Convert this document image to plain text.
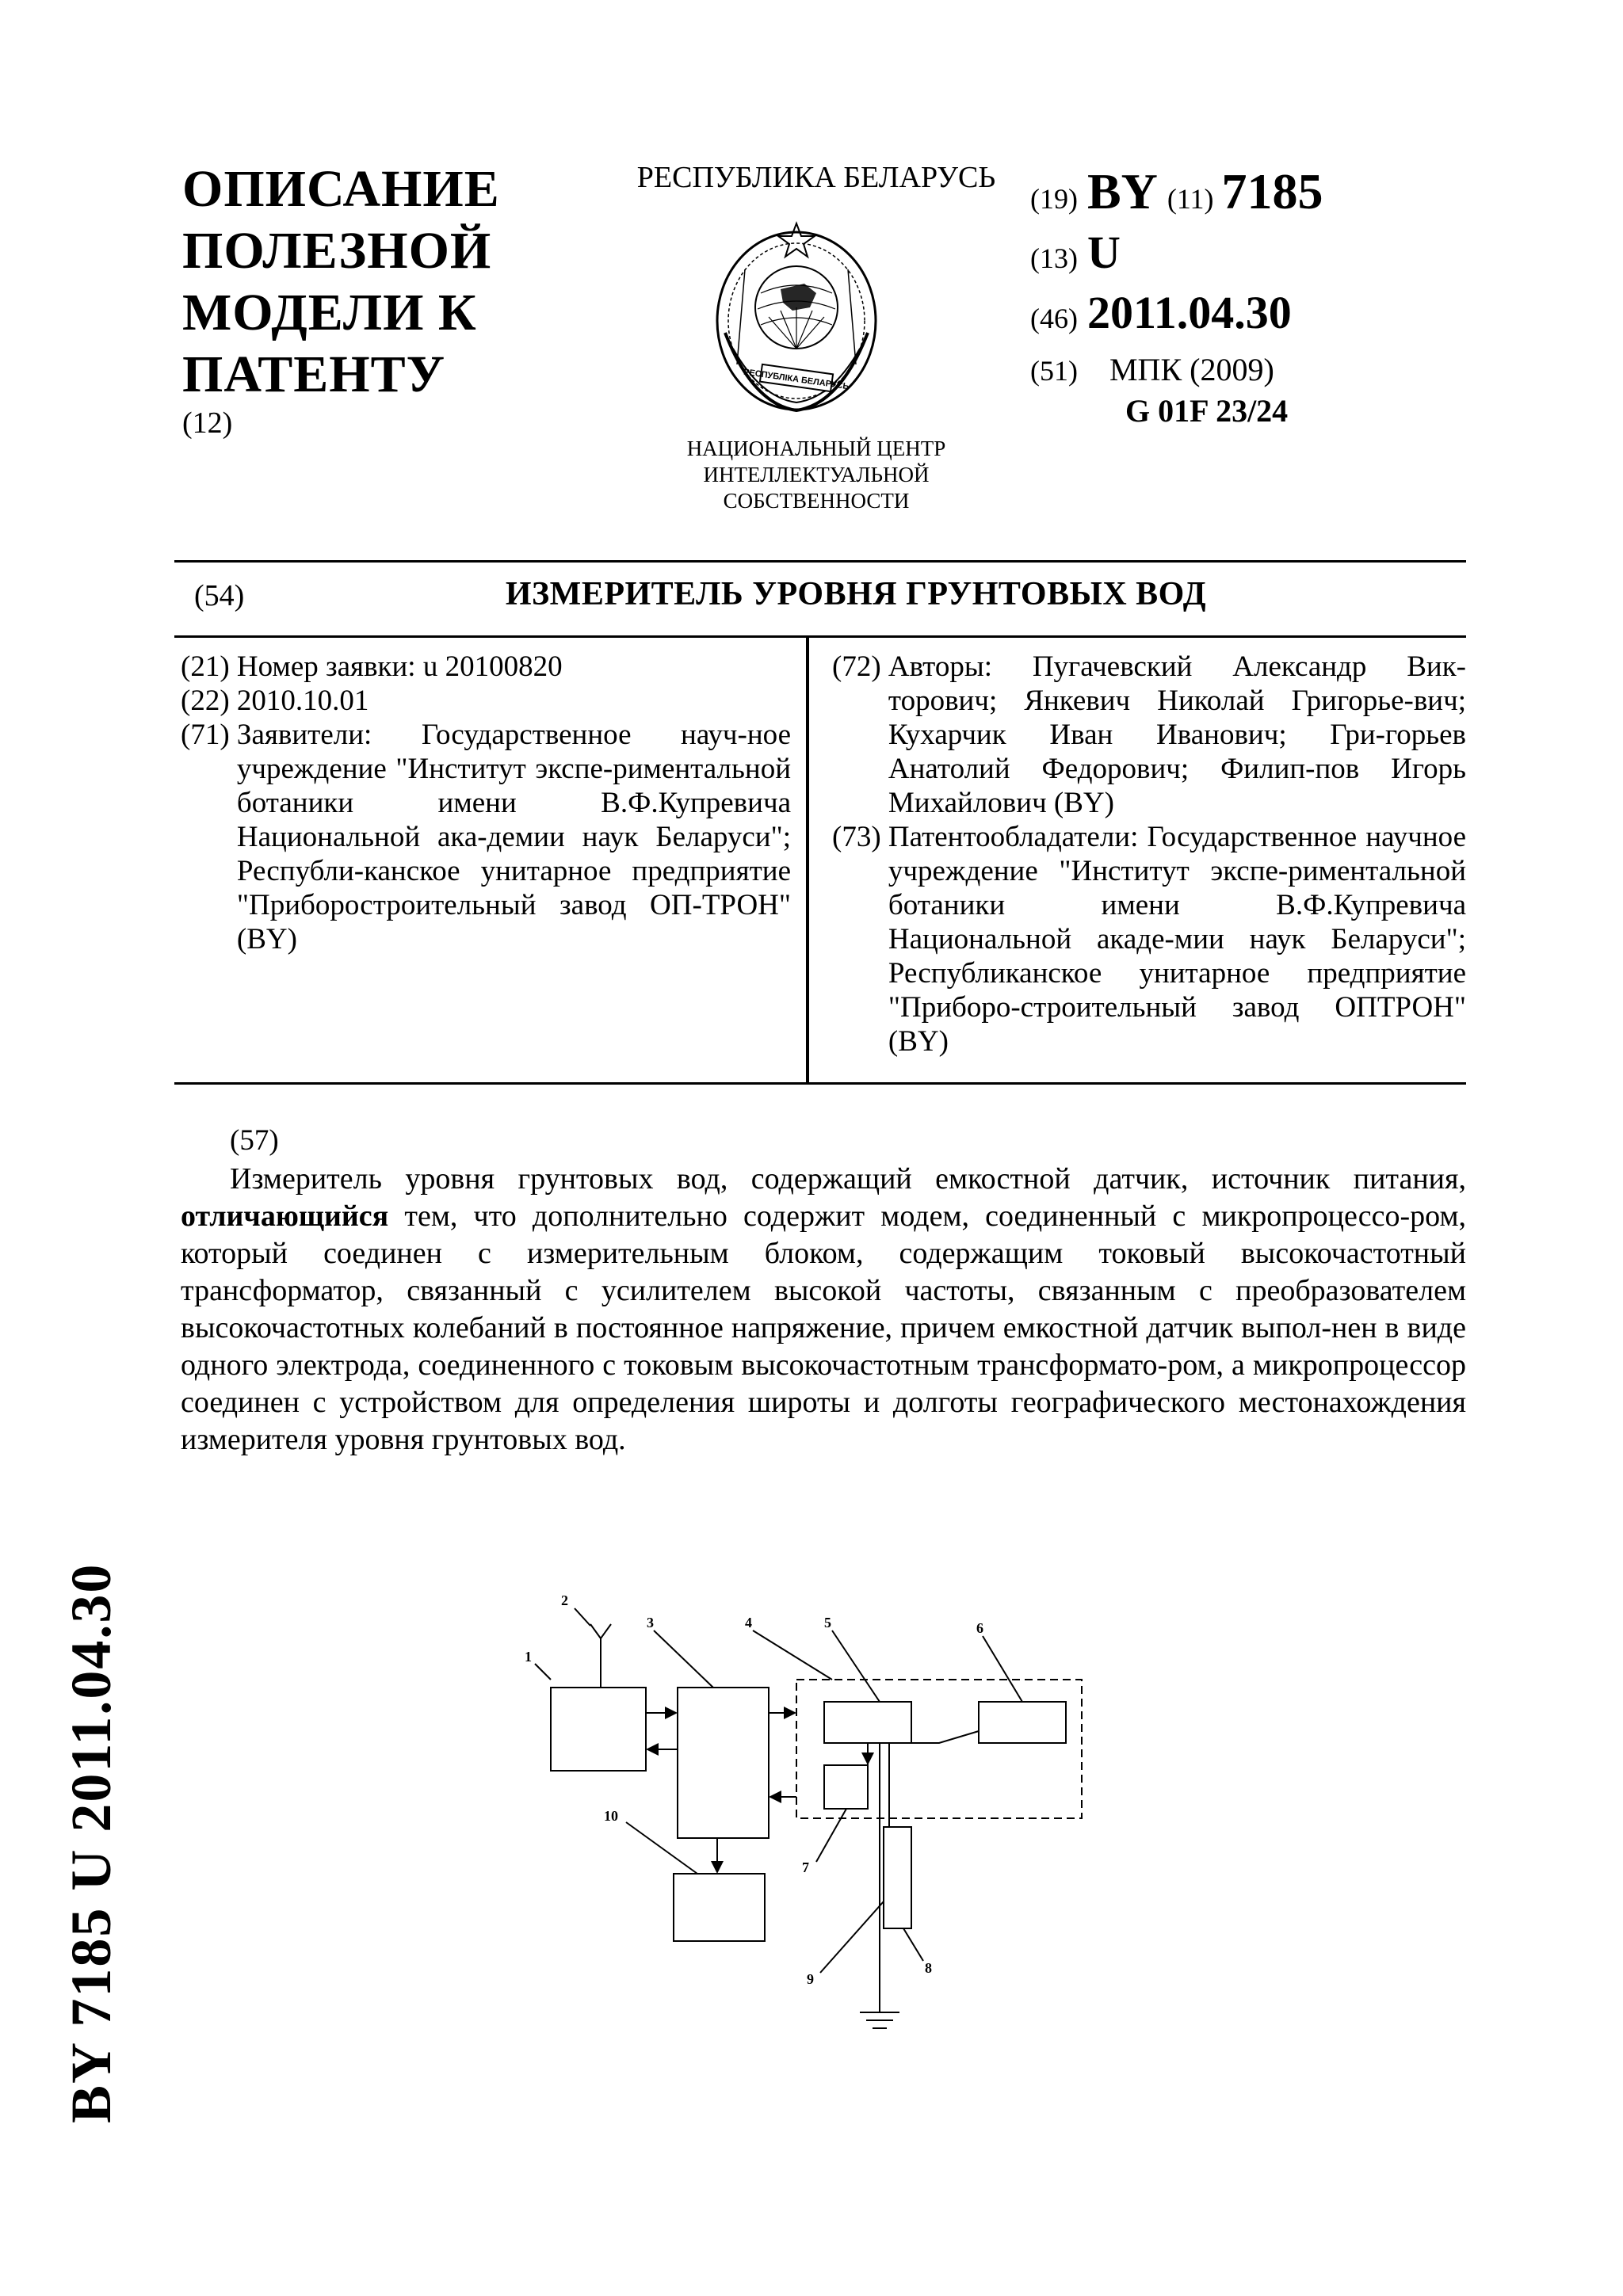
ОПИСАНИЕ
ПОЛЕЗНОЙ
МОДЕЛИ К
ПАТЕНТУ
(12)
РЕСПУБЛИКА БЕЛАРУСЬ
РЕСПУБЛІКА БЕЛАРУСЬ
НАЦИОНАЛЬНЫЙ ЦЕНТР
ИНТЕЛЛЕКТУАЛЬНОЙ
СОБСТВЕННОСТИ
(19) BY (11) 7185
(13) U
(46) 2011.04.30
(51) МПК (2009)
G 01F 23/24
(54)	ИЗМЕРИТЕЛЬ УРОВНЯ ГРУНТОВЫХ ВОД
(21) Номер заявки: u 20100820
(22) 2010.10.01
(71) Заявители: Государственное науч-ное учреждение "Институт экспе-риментальной ботаники имени В.Ф.Купревича Национальной ака-демии наук Беларуси"; Республи-канское унитарное предприятие "Приборостроительный завод ОП-ТРОН" (BY)
(72) Авторы: Пугачевский Александр Вик-торович; Янкевич Николай Григорье-вич; Кухарчик Иван Иванович; Гри-горьев Анатолий Федорович; Филип-пов Игорь Михайлович (BY)
(73) Патентообладатели: Государственное научное учреждение "Институт экспе-риментальной ботаники имени В.Ф.Купревича Национальной акаде-мии наук Беларуси"; Республиканское унитарное предприятие "Приборо-строительный завод ОПТРОН" (BY)
(57)
Измеритель уровня грунтовых вод, содержащий емкостной датчик, источник питания, отличающийся тем, что дополнительно содержит модем, соединенный с микропроцессо-ром, который соединен с измерительным блоком, содержащим токовый высокочастотный трансформатор, связанный с усилителем высокой частоты, связанным с преобразователем высокочастотных колебаний в постоянное напряжение, причем емкостной датчик выпол-нен в виде одного электрода, соединенного с токовым высокочастотным трансформато-ром, а микропроцессор соединен с устройством для определения широты и долготы географического местонахождения измерителя уровня грунтовых вод.
BY 7185 U 2011.04.30	1
2
3	4	5	6
7
8
9
10
